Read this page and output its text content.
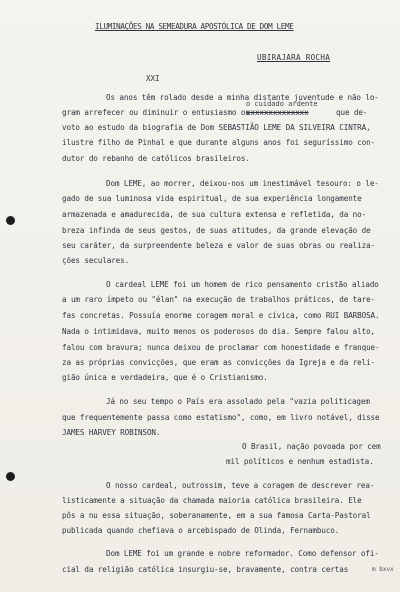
ILUMINAÇÕES NA SEMEADURA APOSTÓLICA DE DOM LEME
UBIRAJARA ROCHA
XXI
Os anos têm rolado desde a minha distante juventude e não lo-
o cuidado ardente
gram arrefecer ou diminuir o entusiasmo ou
xxxxxxxxxxxxxx	que de-
voto ao estudo da biografia de Dom SEBASTIÃO LEME DA SILVEIRA CINTRA,
ilustre filho de Pinhal e que durante alguns anos foi seguríssimo con-
dutor do rebanho de católicos brasileiros.
Dom LEME, ao morrer, deixou-nos um inestimável tesouro: o le-
gado de sua luminosa vida espiritual, de sua experiência longamente
armazenada e amadurecida, de sua cultura extensa e refletida, da no-
breza infinda de seus gestos, de suas atitudes, da grande elevação de
seu caráter, da surpreendente beleza e valor de suas obras ou realiza-
ções seculares.
O cardeal LEME foi um homem de rico pensamento cristão aliado
a um raro ímpeto ou "élan" na execução de trabalhos práticos, de tare-
fas concretas. Possuía enorme coragem moral e cívica, como RUI BARBOSA.
Nada o intimidava, muito menos os poderosos do dia. Sempre falou alto,
falou com bravura; nunca deixou de proclamar com honestidade e franque-
za as próprias convicções, que eram as convicções da Igreja e da reli-
gião única e verdadeira, que é o Cristianismo.
Já no seu tempo o País era assolado pela "vazia politicagem
que frequentemente passa como estatismo", como, em livro notável, disse
JAMES HARVEY ROBINSON.
O Brasil, nação povoada por cem
mil políticos e nenhum estadista.
O nosso cardeal, outrossim, teve a coragem de descrever rea-
listicamente a situação da chamada maioria católica brasileira. Ele
pôs a nu essa situação, soberanamente, em a sua famosa Carta-Pastoral
publicada quando chefiava o arcebispado de Olinda, Fernambuco.
Dom LEME foi um grande e nobre reformador. Como defensor ofi-
cial da religião católica insurgiu-se, bravamente, contra certas	m bxvx
